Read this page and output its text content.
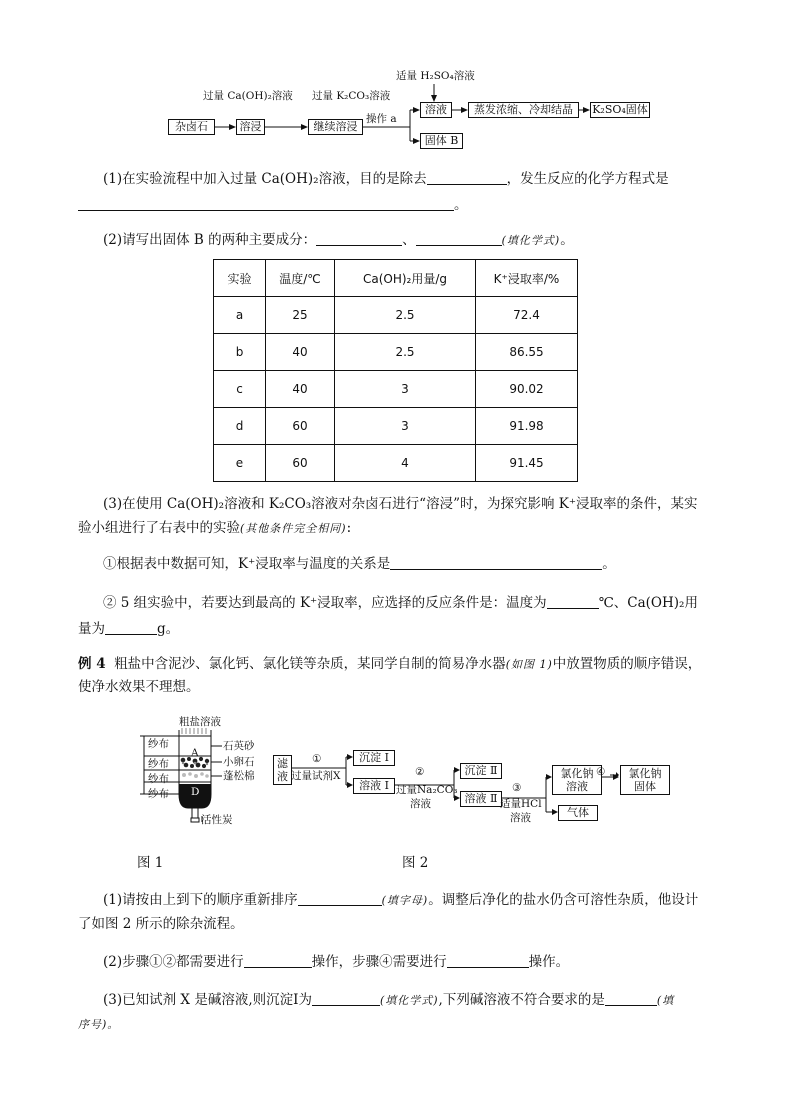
过量 Ca(OH)₂溶液 过量 K₂CO₃溶液
适量 H₂SO₄溶液
操作 a
杂卤石	溶浸	继续溶浸
溶液	蒸发浓缩、冷却结晶	K₂SO₄固体
固体 B
(1)在实验流程中加入过量 Ca(OH)₂溶液，目的是除去	，发生反应的化学方程式是
。
(2)请写出固体 B 的两种主要成分：	、	(填化学式)。
实验	温度/℃	Ca(OH)₂用量/g	K⁺浸取率/%
a	25	2.5	72.4
b	40	2.5	86.55
c	40	3	90.02
d	60	3	91.98
e	60	4	91.45
(3)在使用 Ca(OH)₂溶液和 K₂CO₃溶液对杂卤石进行“溶浸”时，为探究影响 K⁺浸取率的条件，某实
验小组进行了右表中的实验(其他条件完全相同):
①根据表中数据可知，K⁺浸取率与温度的关系是	。
② 5 组实验中，若要达到最高的 K⁺浸取率，应选择的反应条件是：温度为	℃、Ca(OH)₂用
量为	g。
例 4 粗盐中含泥沙、氯化钙、氯化镁等杂质，某同学自制的简易净水器(如图 1)中放置物质的顺序错误，
使净水效果不理想。
粗盐溶液
纱布
纱布
纱布
纱布
石英砂
小卵石
蓬松棉
A
D
活性炭
图 1
滤
液
①
过量试剂X
沉淀 Ⅰ
溶液 Ⅰ
②
过量Na₂CO₃
溶液
沉淀 Ⅱ
溶液 Ⅱ
③
适量HCl
溶液
氯化钠
溶液
气体
④	氯化钠
固体
图 2
(1)请按由上到下的顺序重新排序	(填字母)。调整后净化的盐水仍含可溶性杂质，他设计
了如图 2 所示的除杂流程。
(2)步骤①②都需要进行	操作，步骤④需要进行	操作。
(3)已知试剂 X 是碱溶液,则沉淀Ⅰ为	(填化学式),下列碱溶液不符合要求的是	(填
序号)。
